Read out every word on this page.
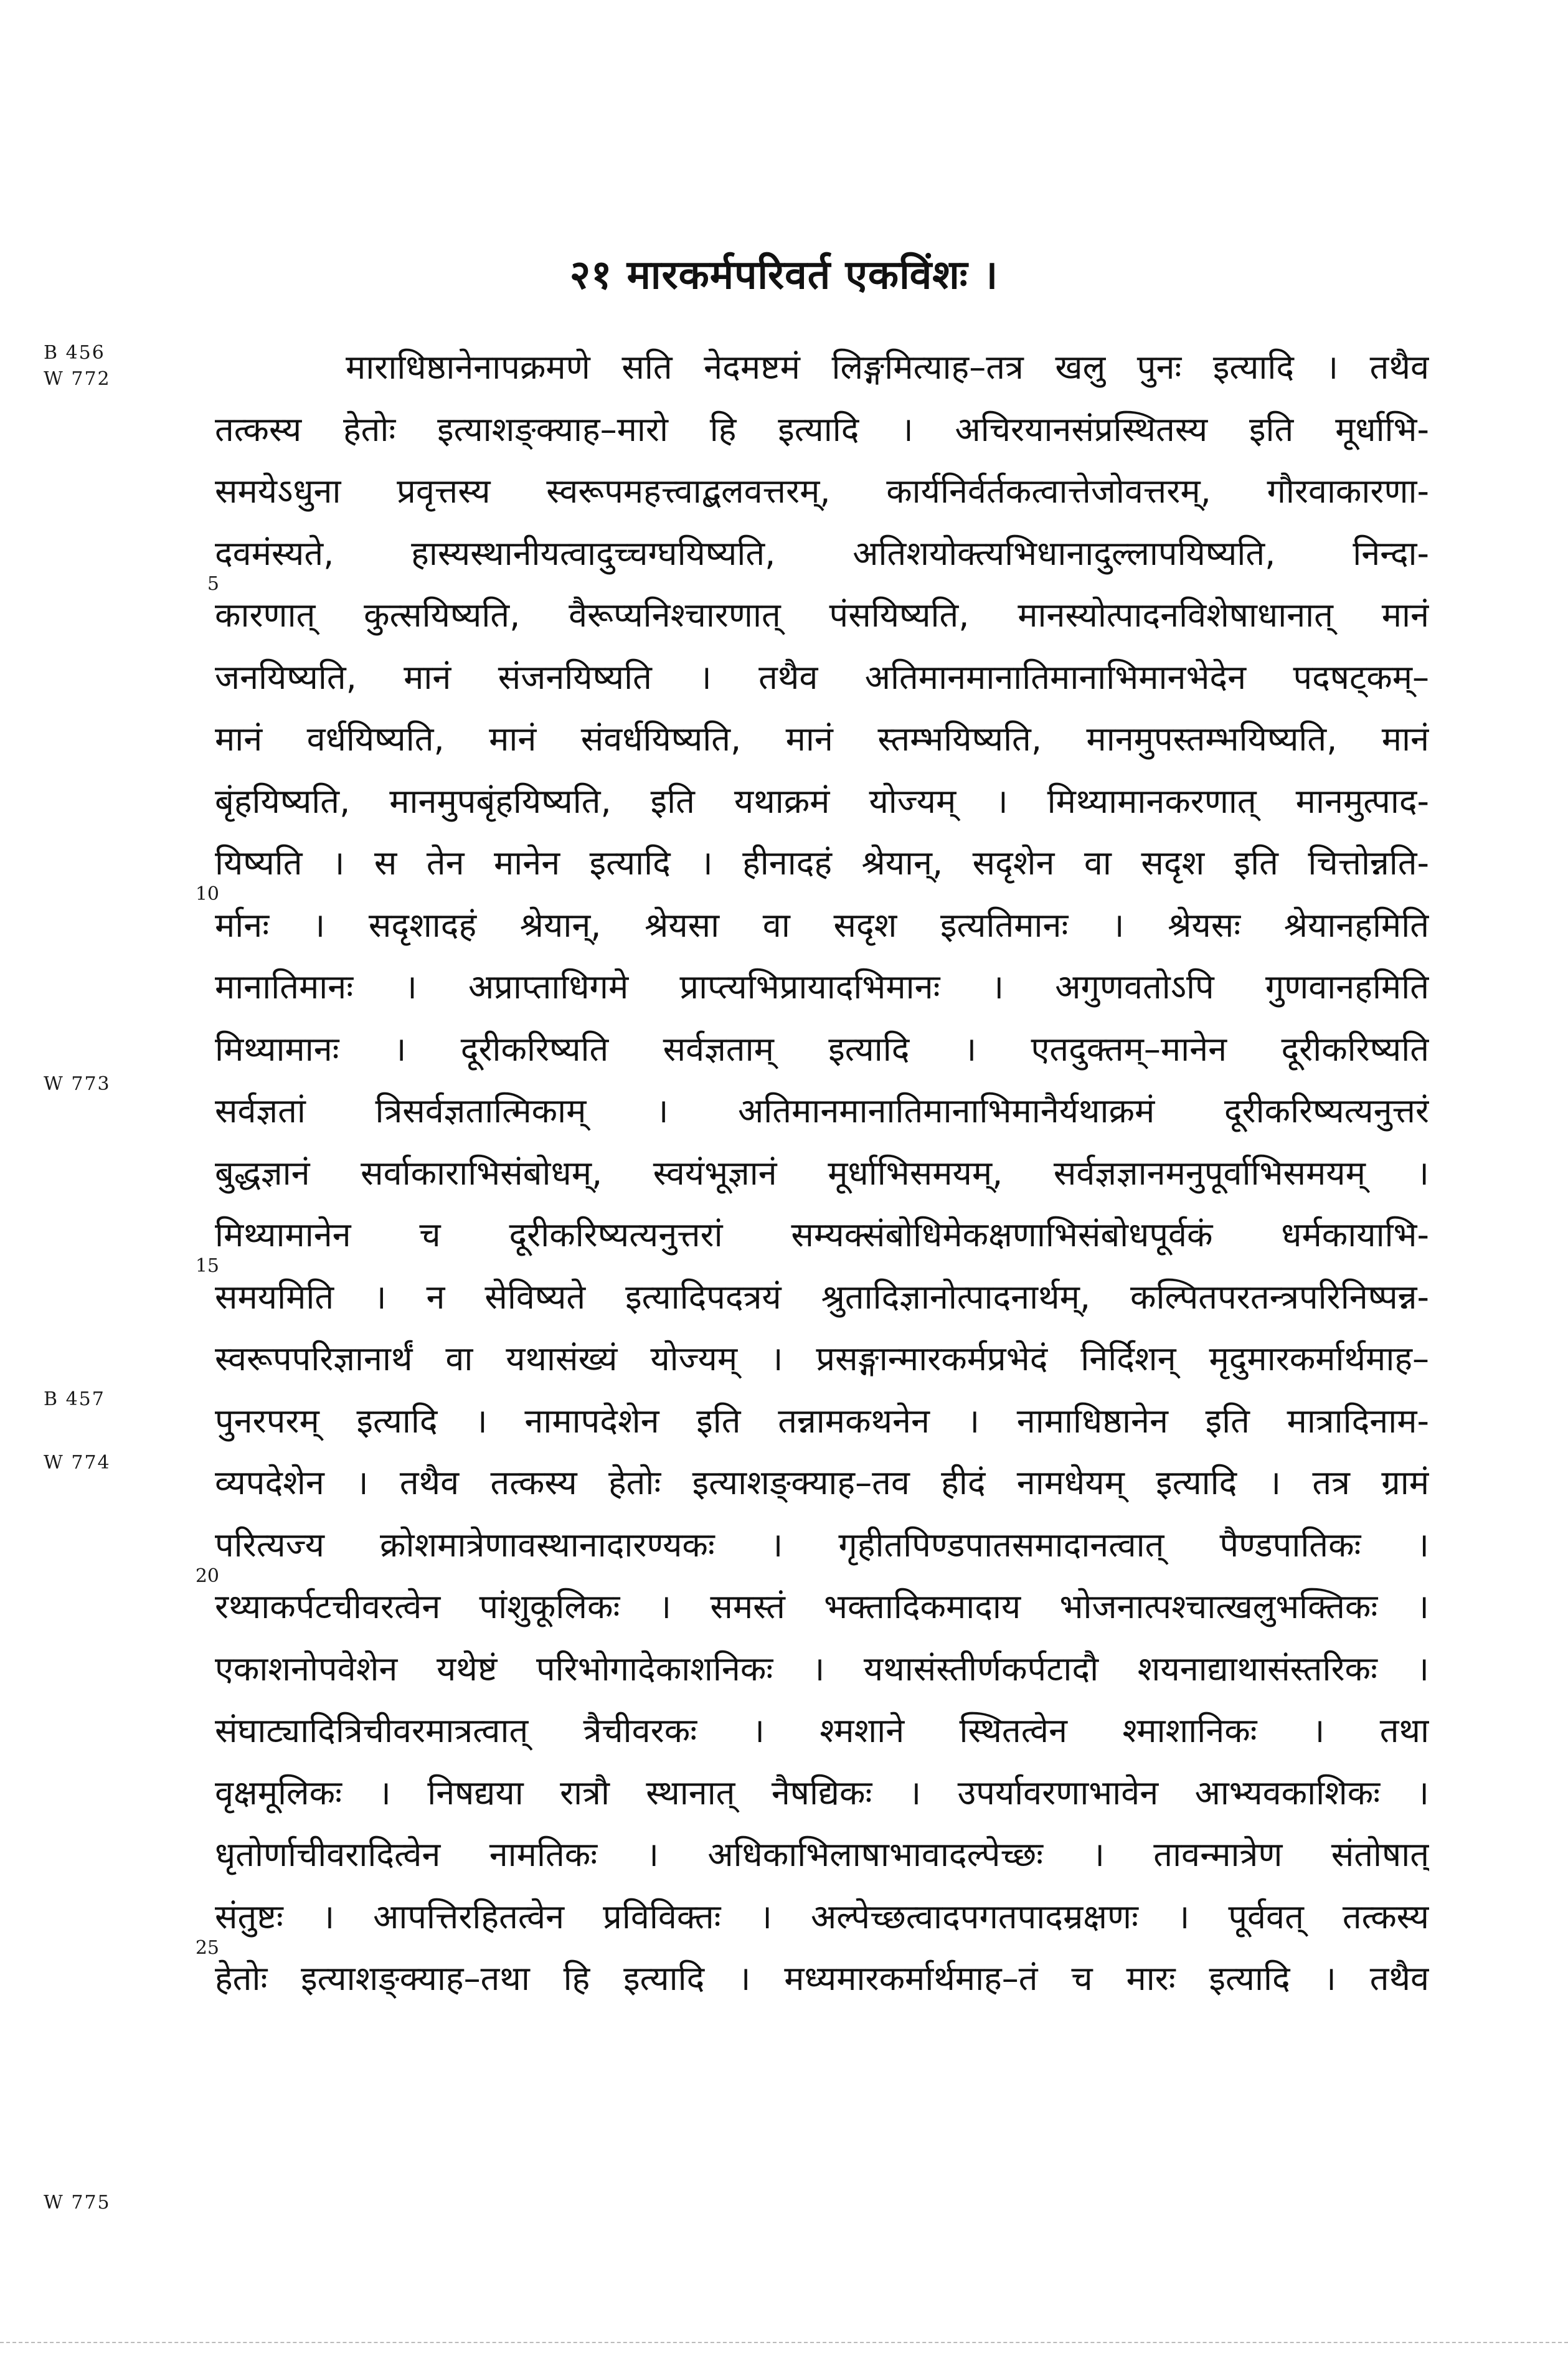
२१ मारकर्मपरिवर्त एकविंशः ।
B 456
W 772
W 773
B 457
W 774
W 775
5
10
15
20
25
माराधिष्ठानेनापक्रमणे सति नेदमष्टमं लिङ्गमित्याह–तत्र खलु पुनः इत्यादि । तथैव
तत्कस्य हेतोः इत्याशङ्क्याह–मारो हि इत्यादि । अचिरयानसंप्रस्थितस्य इति मूर्धाभि-
समयेऽधुना प्रवृत्तस्य स्वरूपमहत्त्वाद्बलवत्तरम्, कार्यनिर्वर्तकत्वात्तेजोवत्तरम्, गौरवाकारणा-
दवमंस्यते, हास्यस्थानीयत्वादुच्चग्घयिष्यति, अतिशयोक्त्यभिधानादुल्लापयिष्यति, निन्दा-
कारणात् कुत्सयिष्यति, वैरूप्यनिश्चारणात् पंसयिष्यति, मानस्योत्पादनविशेषाधानात् मानं
जनयिष्यति, मानं संजनयिष्यति । तथैव अतिमानमानातिमानाभिमानभेदेन पदषट्कम्–
मानं वर्धयिष्यति, मानं संवर्धयिष्यति, मानं स्तम्भयिष्यति, मानमुपस्तम्भयिष्यति, मानं
बृंहयिष्यति, मानमुपबृंहयिष्यति, इति यथाक्रमं योज्यम् । मिथ्यामानकरणात् मानमुत्पाद-
यिष्यति । स तेन मानेन इत्यादि । हीनादहं श्रेयान्, सदृशेन वा सदृश इति चित्तोन्नति-
र्मानः । सदृशादहं श्रेयान्, श्रेयसा वा सदृश इत्यतिमानः । श्रेयसः श्रेयानहमिति
मानातिमानः । अप्राप्ताधिगमे प्राप्त्यभिप्रायादभिमानः । अगुणवतोऽपि गुणवानहमिति
मिथ्यामानः । दूरीकरिष्यति सर्वज्ञताम् इत्यादि । एतदुक्तम्–मानेन दूरीकरिष्यति
सर्वज्ञतां त्रिसर्वज्ञतात्मिकाम् । अतिमानमानातिमानाभिमानैर्यथाक्रमं दूरीकरिष्यत्यनुत्तरं
बुद्धज्ञानं सर्वाकाराभिसंबोधम्, स्वयंभूज्ञानं मूर्धाभिसमयम्, सर्वज्ञज्ञानमनुपूर्वाभिसमयम् ।
मिथ्यामानेन च दूरीकरिष्यत्यनुत्तरां सम्यक्संबोधिमेकक्षणाभिसंबोधपूर्वकं धर्मकायाभि-
समयमिति । न सेविष्यते इत्यादिपदत्रयं श्रुतादिज्ञानोत्पादनार्थम्, कल्पितपरतन्त्रपरिनिष्पन्न-
स्वरूपपरिज्ञानार्थं वा यथासंख्यं योज्यम् । प्रसङ्गान्मारकर्मप्रभेदं निर्दिशन् मृदुमारकर्मार्थमाह–
पुनरपरम् इत्यादि । नामापदेशेन इति तन्नामकथनेन । नामाधिष्ठानेन इति मात्रादिनाम-
व्यपदेशेन । तथैव तत्कस्य हेतोः इत्याशङ्क्याह–तव हीदं नामधेयम् इत्यादि । तत्र ग्रामं
परित्यज्य क्रोशमात्रेणावस्थानादारण्यकः । गृहीतपिण्डपातसमादानत्वात् पैण्डपातिकः ।
रथ्याकर्पटचीवरत्वेन पांशुकूलिकः । समस्तं भक्तादिकमादाय भोजनात्पश्चात्खलुभक्तिकः ।
एकाशनोपवेशेन यथेष्टं परिभोगादेकाशनिकः । यथासंस्तीर्णकर्पटादौ शयनाद्याथासंस्तरिकः ।
संघाट्यादित्रिचीवरमात्रत्वात् त्रैचीवरकः । श्मशाने स्थितत्वेन श्माशानिकः । तथा
वृक्षमूलिकः । निषद्यया रात्रौ स्थानात् नैषद्यिकः । उपर्यावरणाभावेन आभ्यवकाशिकः ।
धृतोर्णाचीवरादित्वेन नामतिकः । अधिकाभिलाषाभावादल्पेच्छः । तावन्मात्रेण संतोषात्
संतुष्टः । आपत्तिरहितत्वेन प्रविविक्तः । अल्पेच्छत्वादपगतपादम्रक्षणः । पूर्ववत् तत्कस्य
हेतोः इत्याशङ्क्याह–तथा हि इत्यादि । मध्यमारकर्मार्थमाह–तं च मारः इत्यादि । तथैव
